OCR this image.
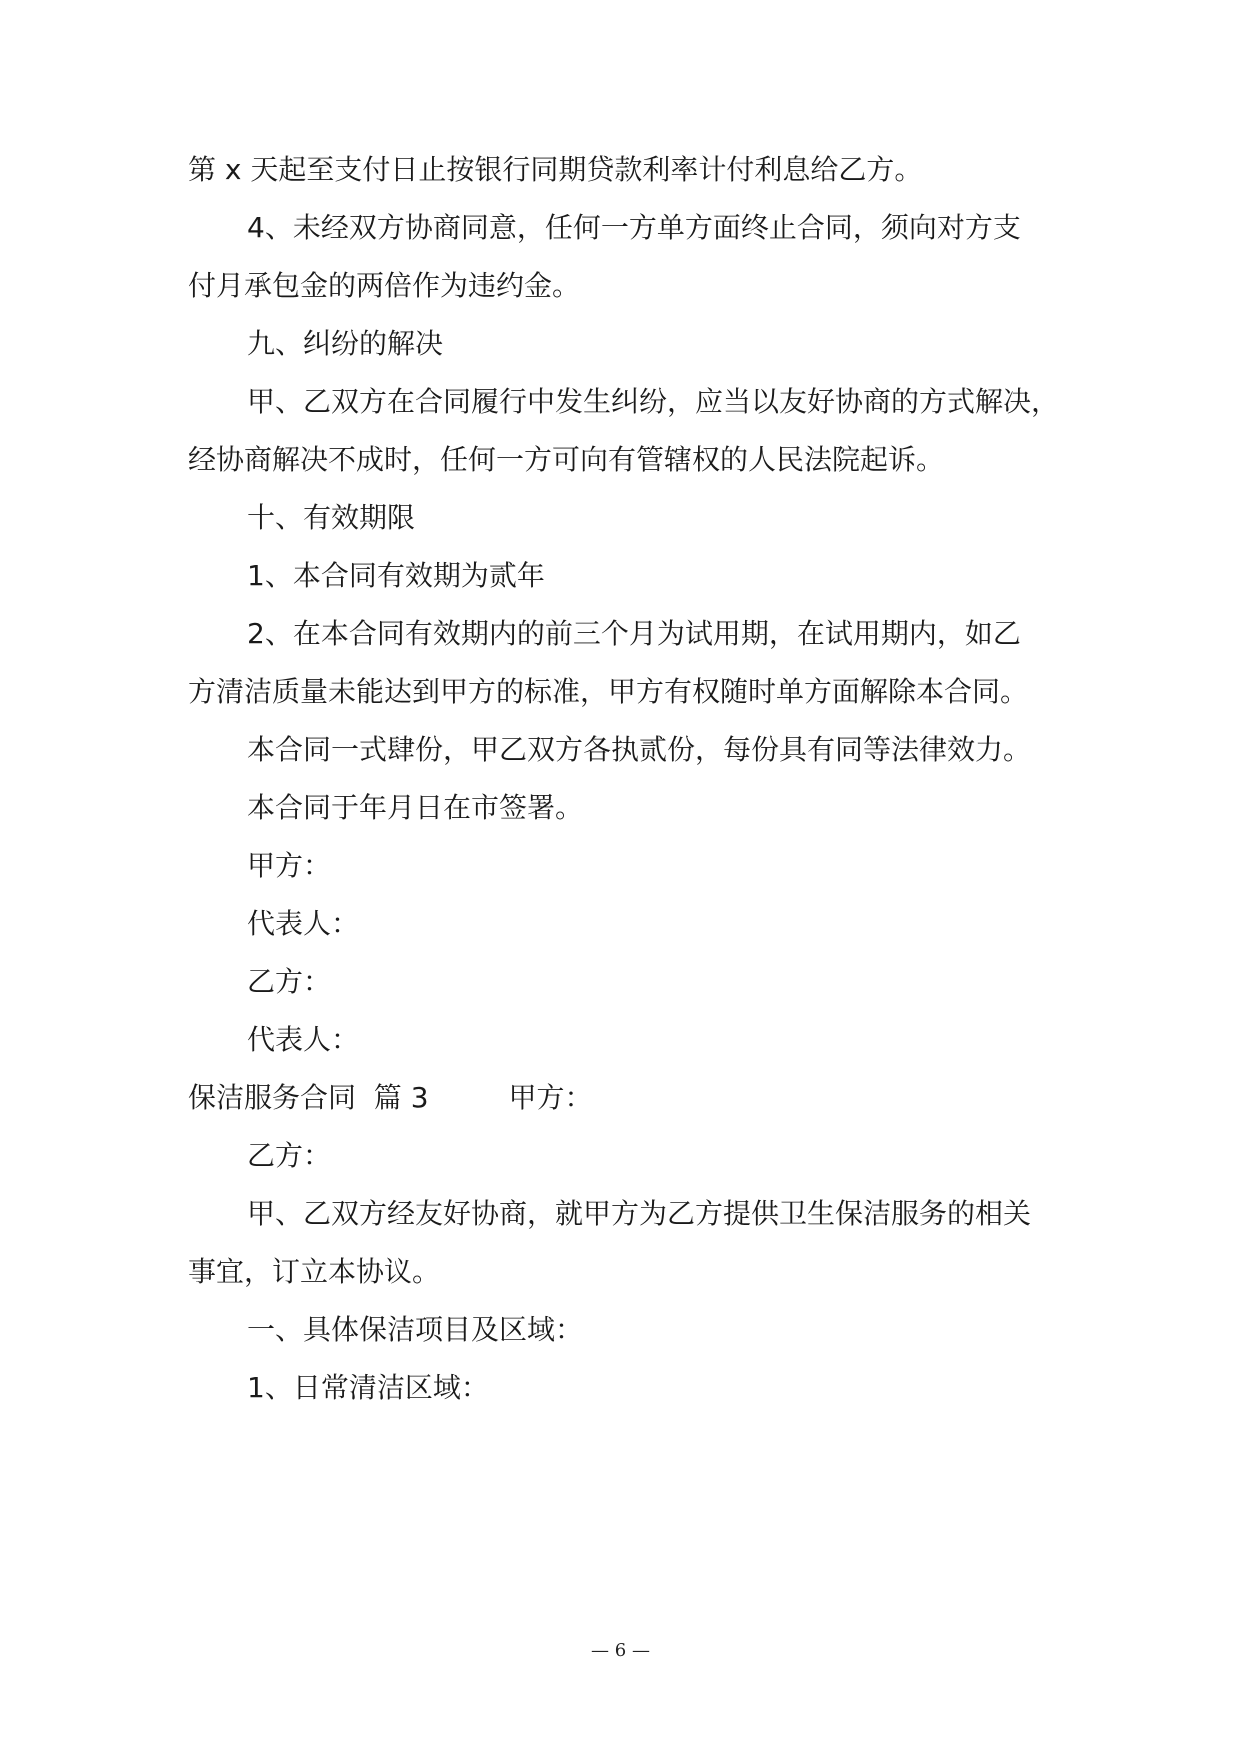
第 x 天起至支付日止按银行同期贷款利率计付利息给乙方。

4、未经双方协商同意，任何一方单方面终止合同，须向对方支

付月承包金的两倍作为违约金。

九、纠纷的解决

甲、乙双方在合同履行中发生纠纷，应当以友好协商的方式解决，

经协商解决不成时，任何一方可向有管辖权的人民法院起诉。

十、有效期限

1、本合同有效期为贰年

2、在本合同有效期内的前三个月为试用期，在试用期内，如乙

方清洁质量未能达到甲方的标准，甲方有权随时单方面解除本合同。

本合同一式肆份，甲乙双方各执贰份，每份具有同等法律效力。

本合同于年月日在市签署。

甲方：

代表人：

乙方：

代表人：

保洁服务合同  篇 3	甲方：

乙方：

甲、乙双方经友好协商，就甲方为乙方提供卫生保洁服务的相关

事宜，订立本协议。

一、具体保洁项目及区域：

1、日常清洁区域：

— 6 —
